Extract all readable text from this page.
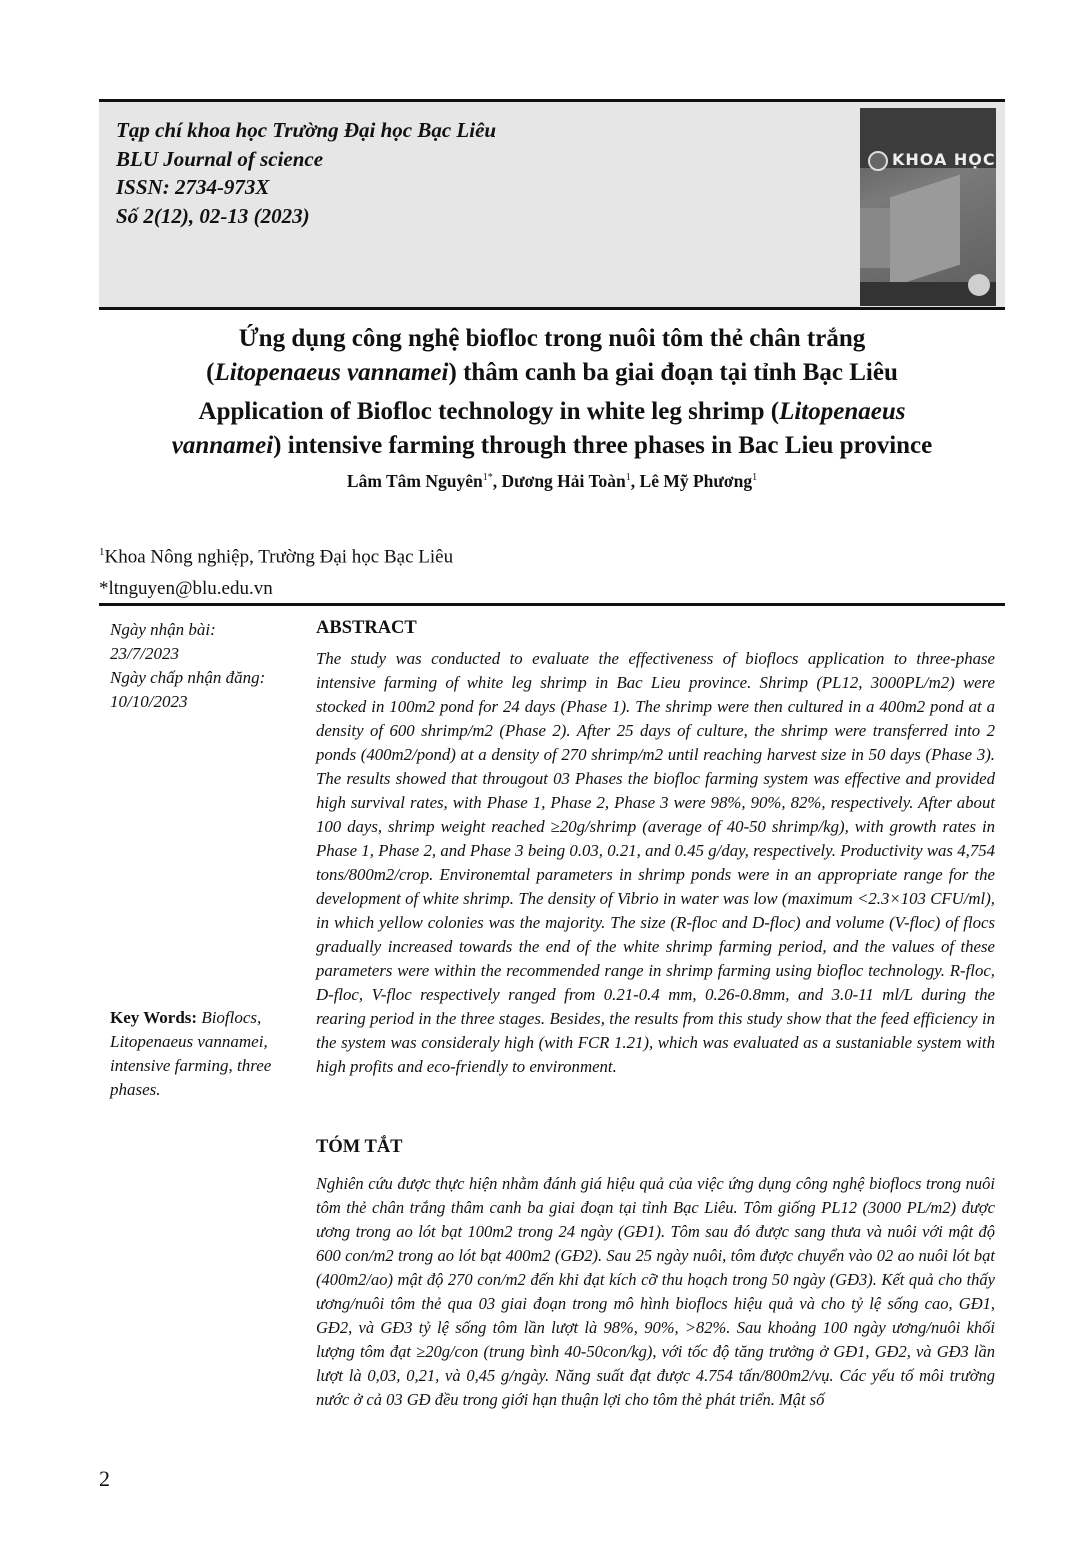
Tạp chí khoa học Trường Đại học Bạc Liêu
BLU Journal of science
ISSN: 2734-973X
Số 2(12), 02-13 (2023)
KHOA HỌC
Ứng dụng công nghệ biofloc trong nuôi tôm thẻ chân trắng
(Litopenaeus vannamei) thâm canh ba giai đoạn tại tỉnh Bạc Liêu
Application of Biofloc technology in white leg shrimp (Litopenaeus
vannamei) intensive farming through three phases in Bac Lieu province
Lâm Tâm Nguyên$^{1*}$, Dương Hải Toàn$^1$, Lê Mỹ Phương$^1$
$^1$Khoa Nông nghiệp, Trường Đại học Bạc Liêu
*ltnguyen@blu.edu.vn
Ngày nhận bài:
23/7/2023
Ngày chấp nhận đăng:
10/10/2023
Key Words: Bioflocs, Litopenaeus vannamei, intensive farming, three phases.
ABSTRACT
The study was conducted to evaluate the effectiveness of bioflocs application to three-phase intensive farming of white leg shrimp in Bac Lieu province. Shrimp (PL12, 3000PL/m2) were stocked in 100m2 pond for 24 days (Phase 1). The shrimp were then cultured in a 400m2 pond at a density of 600 shrimp/m2 (Phase 2). After 25 days of culture, the shrimp were transferred into 2 ponds (400m2/pond) at a density of 270 shrimp/m2 until reaching harvest size in 50 days (Phase 3). The results showed that througout 03 Phases the biofloc farming system was effective and provided high survival rates, with Phase 1, Phase 2, Phase 3 were 98%, 90%, 82%, respectively. After about 100 days, shrimp weight reached ≥20g/shrimp (average of 40-50 shrimp/kg), with growth rates in Phase 1, Phase 2, and Phase 3 being 0.03, 0.21, and 0.45 g/day, respectively. Productivity was 4,754 tons/800m2/crop. Environemtal parameters in shrimp ponds were in an appropriate range for the development of white shrimp. The density of Vibrio in water was low (maximum <2.3×103 CFU/ml), in which yellow colonies was the majority. The size (R-floc and D-floc) and volume (V-floc) of flocs gradually increased towards the end of the white shrimp farming period, and the values of these parameters were within the recommended range in shrimp farming using biofloc technology. R-floc, D-floc, V-floc respectively ranged from 0.21-0.4 mm, 0.26-0.8mm, and 3.0-11 ml/L during the rearing period in the three stages. Besides, the results from this study show that the feed efficiency in the system was consideraly high (with FCR 1.21), which was evaluated as a sustaniable system with high profits and eco-friendly to environment.
TÓM TẮT
Nghiên cứu được thực hiện nhằm đánh giá hiệu quả của việc ứng dụng công nghệ bioflocs trong nuôi tôm thẻ chân trắng thâm canh ba giai đoạn tại tỉnh Bạc Liêu. Tôm giống PL12 (3000 PL/m2) được ương trong ao lót bạt 100m2 trong 24 ngày (GĐ1). Tôm sau đó được sang thưa và nuôi với mật độ 600 con/m2 trong ao lót bạt 400m2 (GĐ2). Sau 25 ngày nuôi, tôm được chuyển vào 02 ao nuôi lót bạt (400m2/ao) mật độ 270 con/m2 đến khi đạt kích cỡ thu hoạch trong 50 ngày (GĐ3). Kết quả cho thấy ương/nuôi tôm thẻ qua 03 giai đoạn trong mô hình bioflocs hiệu quả và cho tỷ lệ sống cao, GĐ1, GĐ2, và GĐ3 tỷ lệ sống tôm lần lượt là 98%, 90%, >82%. Sau khoảng 100 ngày ương/nuôi khối lượng tôm đạt ≥20g/con (trung bình 40-50con/kg), với tốc độ tăng trưởng ở GĐ1, GĐ2, và GĐ3 lần lượt là 0,03, 0,21, và 0,45 g/ngày. Năng suất đạt được 4.754 tấn/800m2/vụ. Các yếu tố môi trường nước ở cả 03 GĐ đều trong giới hạn thuận lợi cho tôm thẻ phát triển. Mật số
2
